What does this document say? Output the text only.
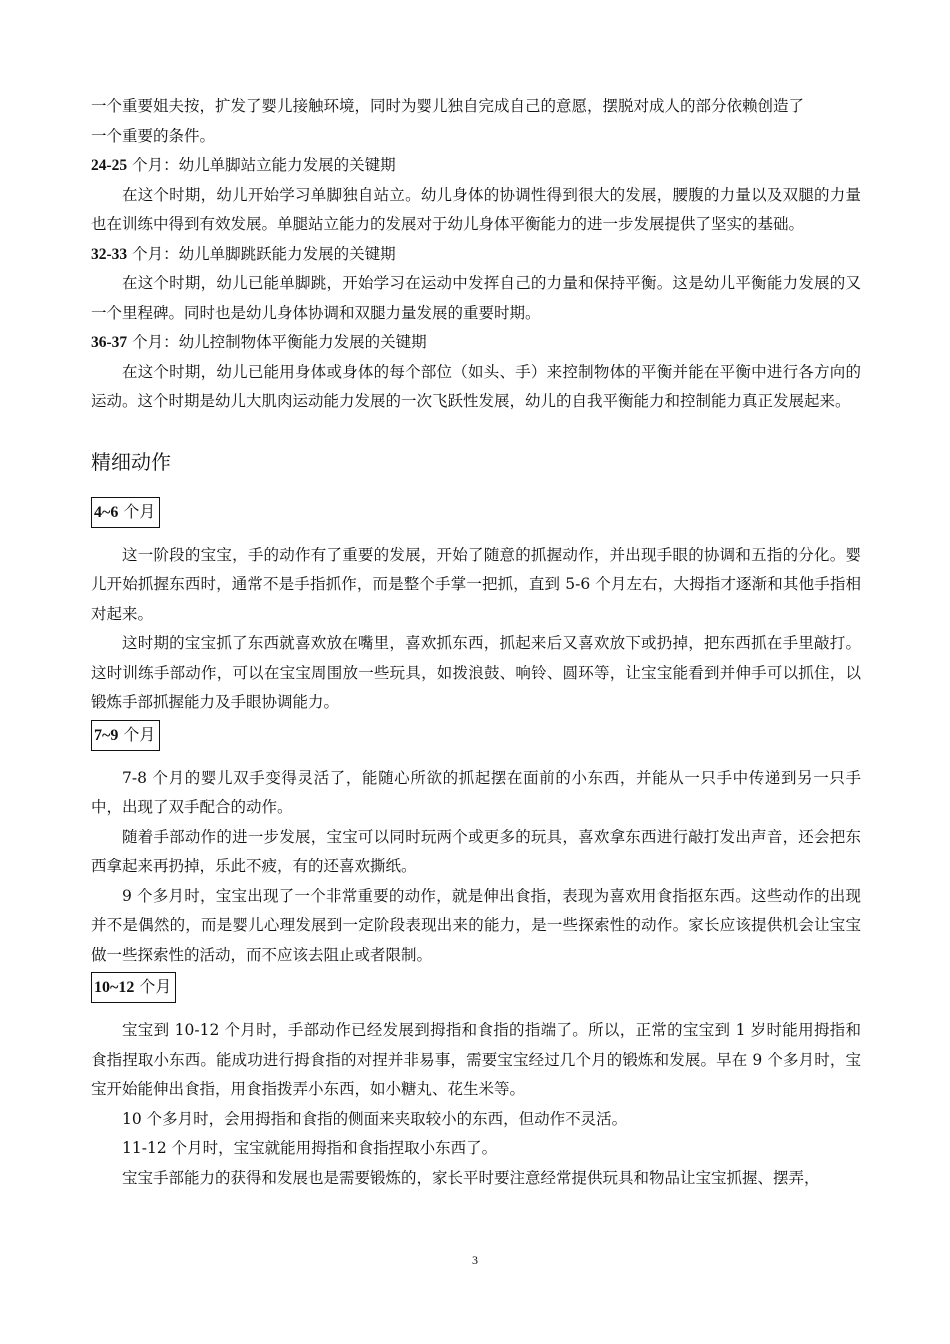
一个重要姐夫按，扩发了婴儿接触环境，同时为婴儿独自完成自己的意愿，摆脱对成人的部分依赖创造了
一个重要的条件。

24-25 个月：幼儿单脚站立能力发展的关键期

在这个时期，幼儿开始学习单脚独自站立。幼儿身体的协调性得到很大的发展，腰腹的力量以及双腿的力量也在训练中得到有效发展。单腿站立能力的发展对于幼儿身体平衡能力的进一步发展提供了坚实的基础。

32-33 个月：幼儿单脚跳跃能力发展的关键期

在这个时期，幼儿已能单脚跳，开始学习在运动中发挥自己的力量和保持平衡。这是幼儿平衡能力发展的又一个里程碑。同时也是幼儿身体协调和双腿力量发展的重要时期。

36-37 个月：幼儿控制物体平衡能力发展的关键期

在这个时期，幼儿已能用身体或身体的每个部位（如头、手）来控制物体的平衡并能在平衡中进行各方向的运动。这个时期是幼儿大肌肉运动能力发展的一次飞跃性发展，幼儿的自我平衡能力和控制能力真正发展起来。

精细动作
4~6 个月

这一阶段的宝宝，手的动作有了重要的发展，开始了随意的抓握动作，并出现手眼的协调和五指的分化。婴儿开始抓握东西时，通常不是手指抓作，而是整个手掌一把抓，直到 5-6 个月左右，大拇指才逐渐和其他手指相对起来。

这时期的宝宝抓了东西就喜欢放在嘴里，喜欢抓东西，抓起来后又喜欢放下或扔掉，把东西抓在手里敲打。这时训练手部动作，可以在宝宝周围放一些玩具，如拨浪鼓、响铃、圆环等，让宝宝能看到并伸手可以抓住，以锻炼手部抓握能力及手眼协调能力。

7~9 个月

7-8 个月的婴儿双手变得灵活了，能随心所欲的抓起摆在面前的小东西，并能从一只手中传递到另一只手中，出现了双手配合的动作。

随着手部动作的进一步发展，宝宝可以同时玩两个或更多的玩具，喜欢拿东西进行敲打发出声音，还会把东西拿起来再扔掉，乐此不疲，有的还喜欢撕纸。

9 个多月时，宝宝出现了一个非常重要的动作，就是伸出食指，表现为喜欢用食指抠东西。这些动作的出现并不是偶然的，而是婴儿心理发展到一定阶段表现出来的能力，是一些探索性的动作。家长应该提供机会让宝宝做一些探索性的活动，而不应该去阻止或者限制。

10~12 个月

宝宝到 10-12 个月时，手部动作已经发展到拇指和食指的指端了。所以，正常的宝宝到 1 岁时能用拇指和食指捏取小东西。能成功进行拇食指的对捏并非易事，需要宝宝经过几个月的锻炼和发展。早在 9 个多月时，宝宝开始能伸出食指，用食指拨弄小东西，如小糖丸、花生米等。

10 个多月时，会用拇指和食指的侧面来夹取较小的东西，但动作不灵活。

11-12 个月时，宝宝就能用拇指和食指捏取小东西了。

宝宝手部能力的获得和发展也是需要锻炼的，家长平时要注意经常提供玩具和物品让宝宝抓握、摆弄，

3
